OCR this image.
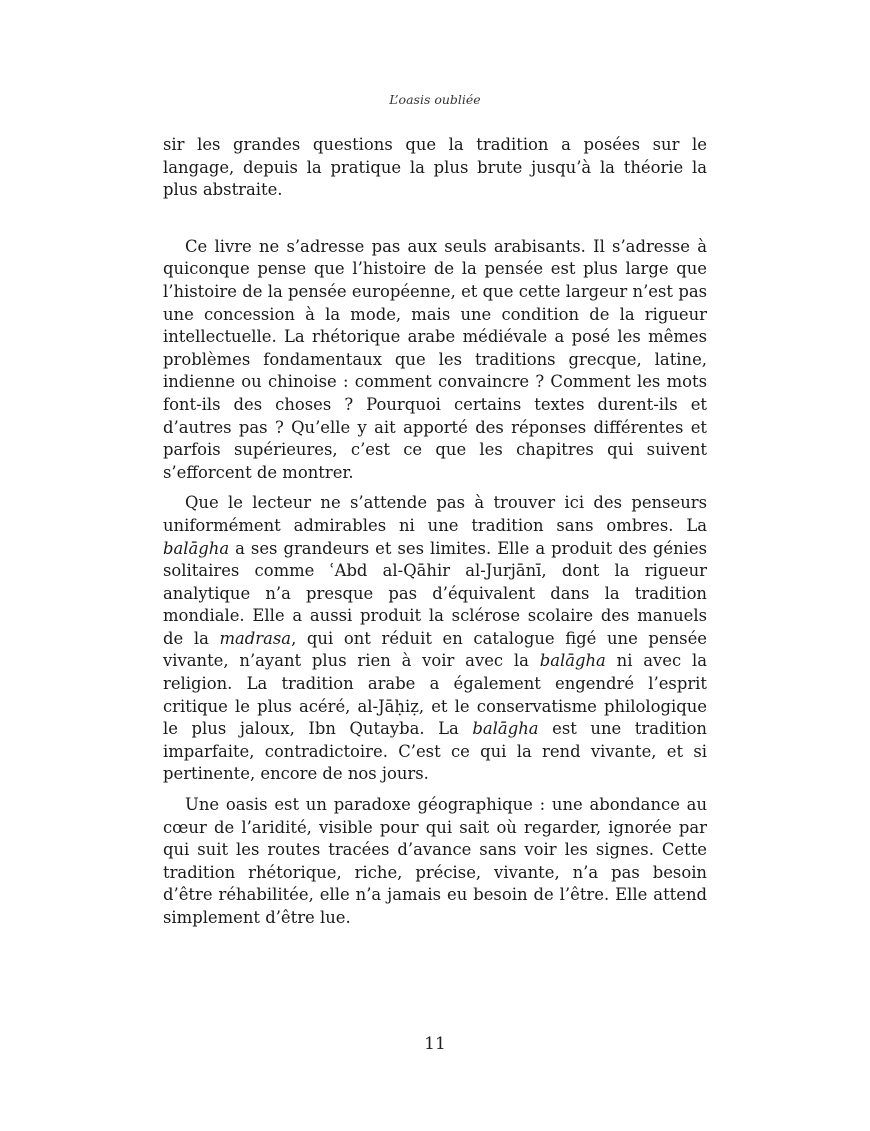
L’oasis oubliée

sir les grandes questions que la tradition a posées sur le langage, depuis la pratique la plus brute jusqu’à la théorie la plus abstraite.

Ce livre ne s’adresse pas aux seuls arabisants. Il s’adresse à quiconque pense que l’histoire de la pensée est plus large que l’histoire de la pensée européenne, et que cette largeur n’est pas une concession à la mode, mais une condition de la rigueur intellectuelle. La rhétorique arabe médiévale a posé les mêmes problèmes fondamentaux que les traditions grecque, latine, indienne ou chinoise : comment convaincre ? Comment les mots font-ils des choses ? Pourquoi certains textes durent-ils et d’autres pas ? Qu’elle y ait apporté des réponses différentes et parfois supérieures, c’est ce que les chapitres qui suivent s’efforcent de montrer.

Que le lecteur ne s’attende pas à trouver ici des penseurs uniformément admirables ni une tradition sans ombres. La balāgha a ses grandeurs et ses limites. Elle a produit des génies solitaires comme ʿAbd al-Qāhir al-Jurjānī, dont la rigueur analytique n’a presque pas d’équivalent dans la tradition mondiale. Elle a aussi produit la sclérose scolaire des manuels de la madrasa, qui ont réduit en catalogue figé une pensée vivante, n’ayant plus rien à voir avec la balāgha ni avec la religion. La tradition arabe a également engendré l’esprit critique le plus acéré, al-Jāḥiẓ, et le conservatisme philologique le plus jaloux, Ibn Qutayba. La balāgha est une tradition imparfaite, contradictoire. C’est ce qui la rend vivante, et si pertinente, encore de nos jours.

Une oasis est un paradoxe géographique : une abondance au cœur de l’aridité, visible pour qui sait où regarder, ignorée par qui suit les routes tracées d’avance sans voir les signes. Cette tradition rhétorique, riche, précise, vivante, n’a pas besoin d’être réhabilitée, elle n’a jamais eu besoin de l’être. Elle attend simplement d’être lue.

11
